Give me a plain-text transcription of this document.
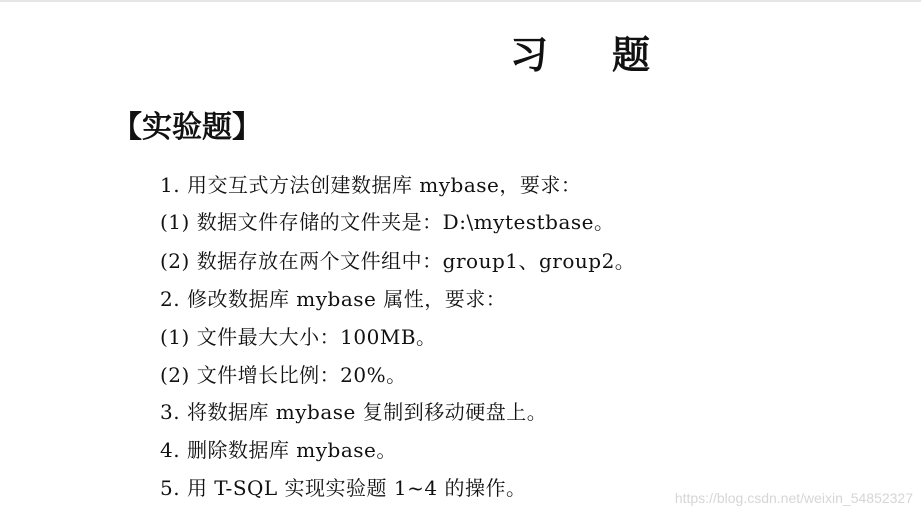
习题
【实验题】
1. 用交互式方法创建数据库 mybase，要求：
(1) 数据文件存储的文件夹是：D:\mytestbase。
(2) 数据存放在两个文件组中：group1、group2。
2. 修改数据库 mybase 属性，要求：
(1) 文件最大大小：100MB。
(2) 文件增长比例：20%。
3. 将数据库 mybase 复制到移动硬盘上。
4. 删除数据库 mybase。
5. 用 T-SQL 实现实验题 1~4 的操作。	https://blog.csdn.net/weixin_54852327
